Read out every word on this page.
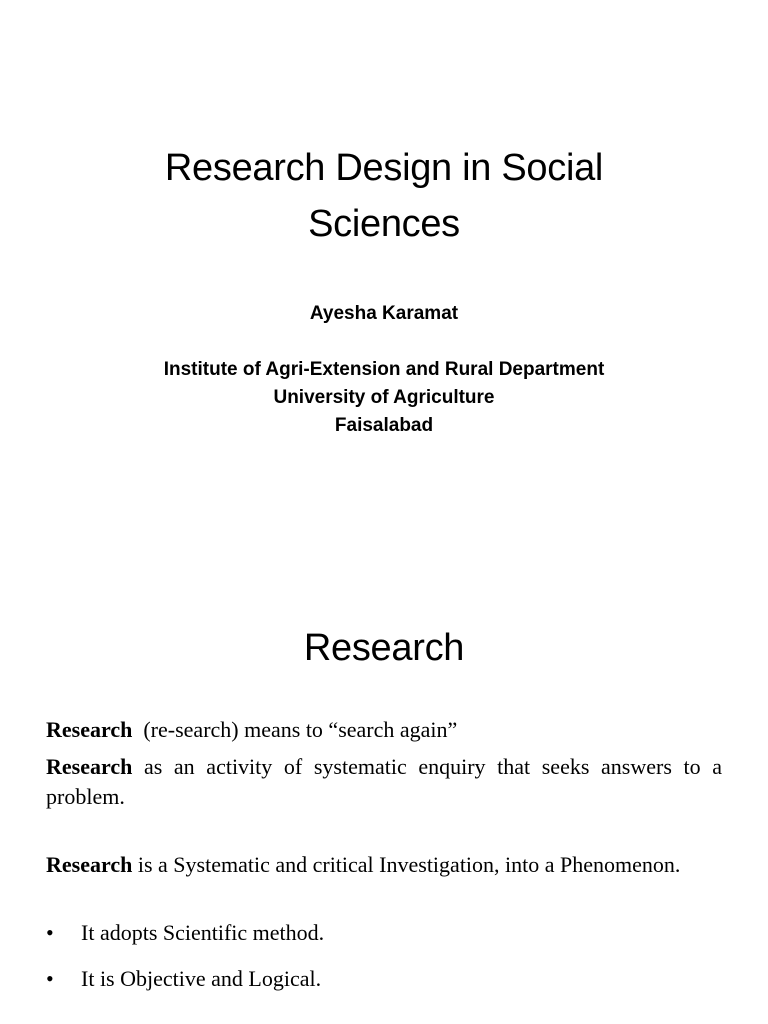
Research Design in Social Sciences
Ayesha Karamat
Institute of Agri-Extension and Rural Department
University of Agriculture
Faisalabad
Research
Research  (re-search) means to “search again”
Research as an activity of systematic enquiry that seeks answers to a problem.
Research is a Systematic and critical Investigation, into a Phenomenon.
• It adopts Scientific method.
• It is Objective and Logical.
